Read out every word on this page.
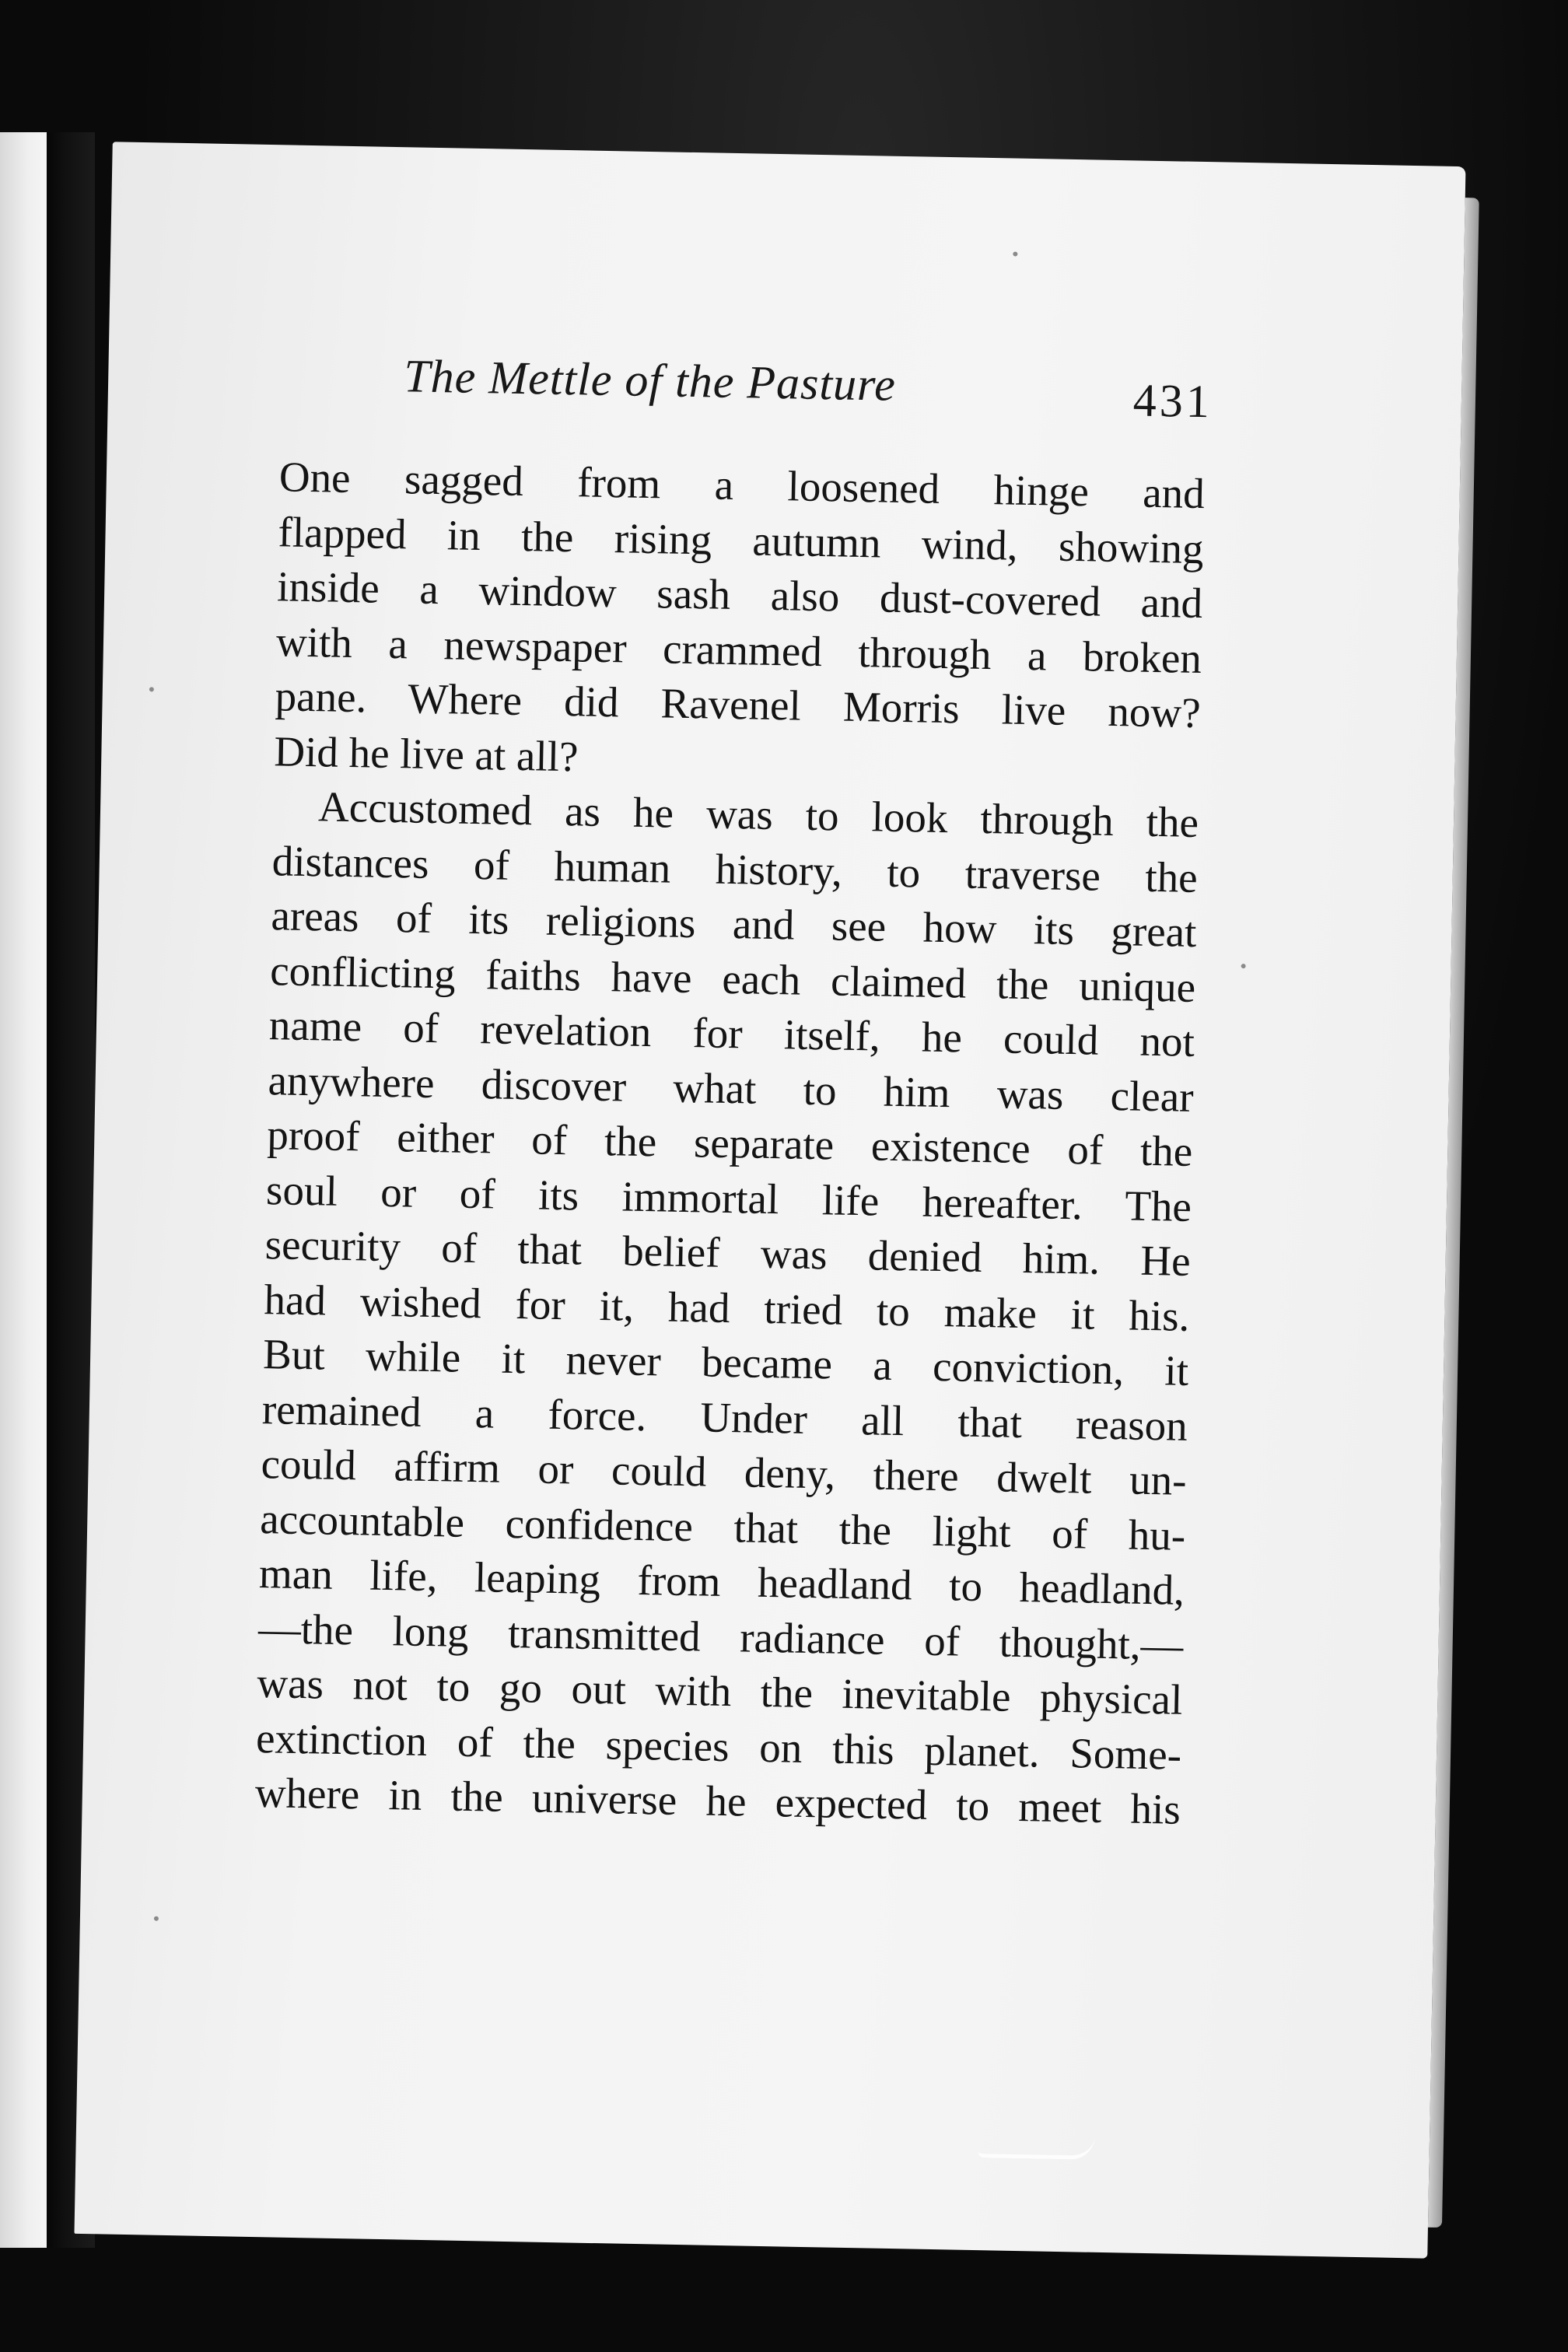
The Mettle of the Pasture	431
One sagged from a loosened hinge and
flapped in the rising autumn wind, showing
inside a window sash also dust-covered and
with a newspaper crammed through a broken
pane. Where did Ravenel Morris live now?
Did he live at all?
Accustomed as he was to look through the
distances of human history, to traverse the
areas of its religions and see how its great
conflicting faiths have each claimed the unique
name of revelation for itself, he could not
anywhere discover what to him was clear
proof either of the separate existence of the
soul or of its immortal life hereafter. The
security of that belief was denied him. He
had wished for it, had tried to make it his.
But while it never became a conviction, it
remained a force. Under all that reason
could affirm or could deny, there dwelt un-
accountable confidence that the light of hu-
man life, leaping from headland to headland,
—the long transmitted radiance of thought,—
was not to go out with the inevitable physical
extinction of the species on this planet. Some-
where in the universe he expected to meet his
